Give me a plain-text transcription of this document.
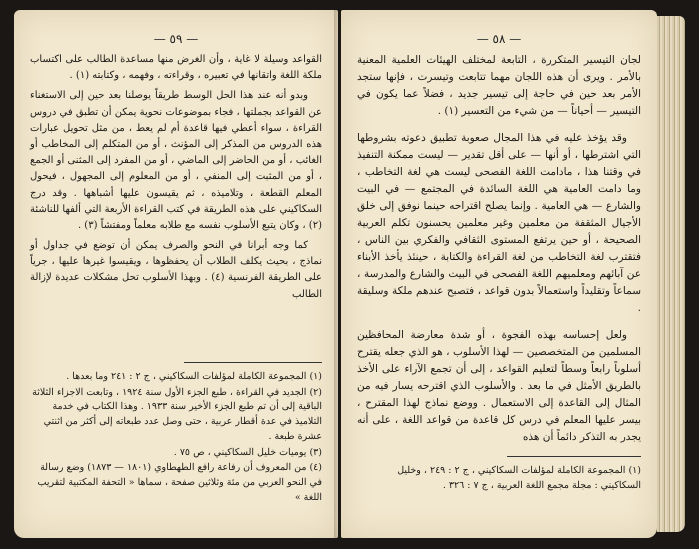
— ٥٩ —

القواعد وسيلة لا غاية ، وأن الغرض منها مساعدة الطالب على اكتساب ملكة اللغة واتقانها في تعبيره ، وقراءته ، وفهمه ، وكتابته (١) .

وبدو أنه عند هذا الحل الوسط طريقاً يوصلنا بعد حين إلى الاستغناء عن القواعد بجملتها ، فجاء بموضوعات نحوية يمكن أن تطبق في دروس القراءة ، سواء أعطي فيها قاعدة أم لم يعط ، من مثل تحويل عبارات هذه الدروس من المذكر إلى المؤنث ، أو من المتكلم إلى المخاطب أو الغائب ، أو من الحاضر إلى الماضي ، أو من المفرد إلى المثنى أو الجمع ، أو من المثبت إلى المنفي ، أو من المعلوم إلى المجهول ، فيحول المعلم القطعة ، وتلاميذه ، ثم يقيسون عليها أشباهها . وقد درج السكاكيني على هذه الطريقة في كتب القراءة الأربعة التي ألفها للناشئة (٢) ، وكان يتبع الأسلوب نفسه مع طلابه معلماً ومفتشاً (٣) .

كما وجه أبرانا في النحو والصرف يمكن أن توضع في جداول أو نماذج ، بحيث يكلف الطلاب أن يحفظوها ، ويقيسوا غيرها عليها ، جرياً على الطريقة الفرنسية (٤) . وبهذا الأسلوب تحل مشكلات عديدة لإزالة الطالب

(١) المجموعة الكاملة لمؤلفات السكاكيني ، ج ٢ : ٢٤١ وما بعدها .
(٢) الجديد في القراءة ، طبع الجزء الأول سنة ١٩٢٤ ، وتابعت الاجزاء الثلاثة الباقية إلى أن تم طبع الجزء الأخير سنة ١٩٣٣ . وهذا الكتاب في خدمة التلاميذ في عدة أقطار عربية ، حتى وصل عدد طبعاته إلى أكثر من اثنتي عشرة طبعة .
(٣) يوميات خليل السكاكيني ، ص ٧٥ .
(٤) من المعروف أن رفاعة رافع الطهطاوي (١٨٠١ — ١٨٧٣) وضع رسالة في النحو العربي من مئة وثلاثين صفحة ، سماها « التحفة المكتبية لتقريب اللغة »
— ٥٨ —

لجان التيسير المتكررة ، التابعة لمختلف الهيئات العلمية المعنية بالأمر . ويرى أن هذه اللجان مهما تتابعت وتيسرت ، فإنها ستجد الأمر بعد حين في حاجة إلى تيسير جديد ، فضلاً عما يكون في التيسير — أحياناً — من شيء من التعسير (١) .

وقد يؤخذ عليه في هذا المجال صعوبة تطبيق دعوته بشروطها التي اشترطها ، أو أنها — على أقل تقدير — ليست ممكنة التنفيذ في وقتنا هذا ، مادامت اللغة الفصحى ليست هي لغة التخاطب ، وما دامت العامية هي اللغة السائدة في المجتمع — في البيت والشارع — هي العامية . وإنما يصلح اقتراحه حينما نوفق إلى خلق الأجيال المثقفة من معلمين وغير معلمين يحسنون تكلم العربية الصحيحة ، أو حين يرتفع المستوى الثقافي والفكري بين الناس ، فتقترب لغة التخاطب من لغة القراءة والكتابة ، حينئذ يأخذ الأبناء عن آبائهم ومعلميهم اللغة الفصحى في البيت والشارع والمدرسة ، سماعاً وتقليداً واستعمالاً بدون قواعد ، فتصبح عندهم ملكة وسليقة .

ولعل إحساسه بهذه الفجوة ، أو شدة معارضة المحافظين المسلمين من المتخصصين — لهذا الأسلوب ، هو الذي جعله يقترح أسلوباً رابعاً وسطاً لتعليم القواعد ، إلى أن تجمع الآراء على الأخذ بالطريق الأمثل في ما بعد . والأسلوب الذي اقترحه يسار فيه من المثال إلى القاعدة إلى الاستعمال . ووضع نماذج لهذا المقترح ، بيسر عليها المعلم في درس كل قاعدة من قواعد اللغة ، على أنه يجدر به التذكر دائماً أن هذه

(١) المجموعة الكاملة لمؤلفات السكاكيني ، ج ٢ : ٢٤٩ ، وخليل السكاكيني : مجلة مجمع اللغة العربية ، ج ٧ : ٣٢٦ .
